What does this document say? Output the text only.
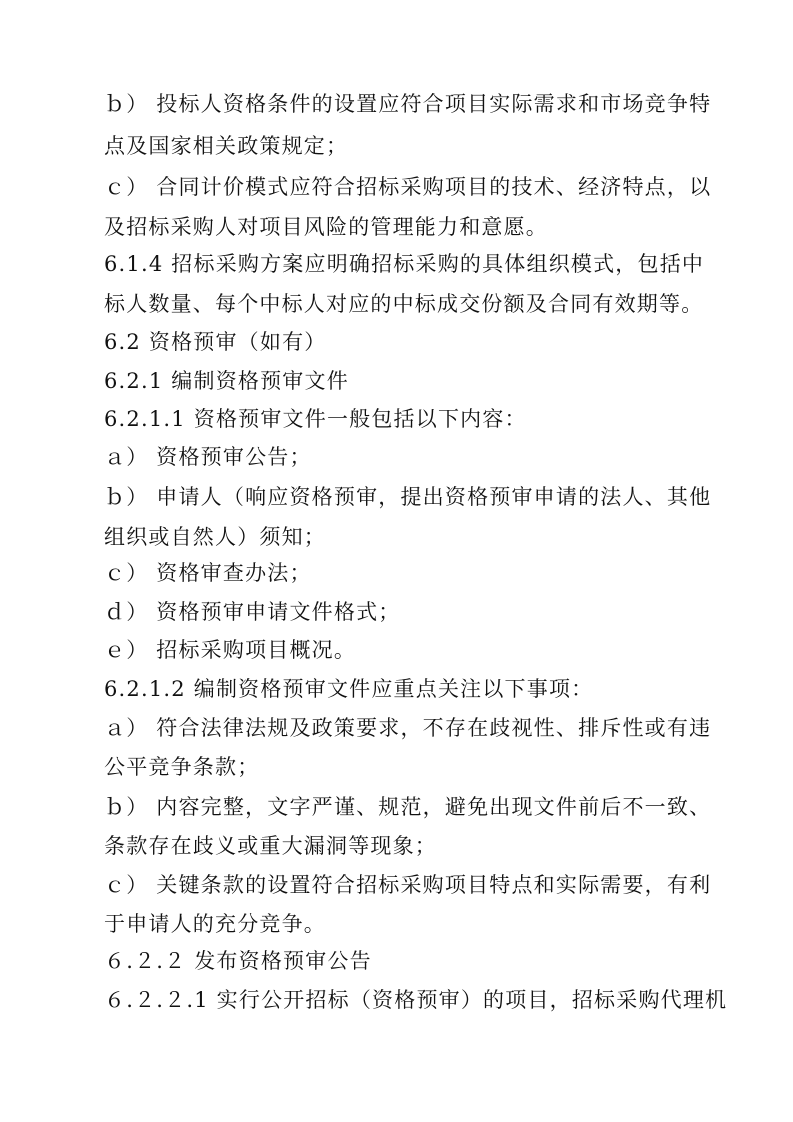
ｂ） 投标人资格条件的设置应符合项目实际需求和市场竞争特
点及国家相关政策规定；
ｃ） 合同计价模式应符合招标采购项目的技术、经济特点，以
及招标采购人对项目风险的管理能力和意愿。
6.1.4 招标采购方案应明确招标采购的具体组织模式，包括中
标人数量、每个中标人对应的中标成交份额及合同有效期等。
6.2 资格预审（如有）
6.2.1 编制资格预审文件
6.2.1.1 资格预审文件一般包括以下内容：
ａ） 资格预审公告；
ｂ） 申请人（响应资格预审，提出资格预审申请的法人、其他
组织或自然人）须知；
ｃ） 资格审查办法；
ｄ） 资格预审申请文件格式；
ｅ） 招标采购项目概况。
6.2.1.2 编制资格预审文件应重点关注以下事项：
ａ） 符合法律法规及政策要求，不存在歧视性、排斥性或有违
公平竞争条款；
ｂ） 内容完整，文字严谨、规范，避免出现文件前后不一致、
条款存在歧义或重大漏洞等现象；
ｃ） 关键条款的设置符合招标采购项目特点和实际需要，有利
于申请人的充分竞争。
６.２.２ 发布资格预审公告
６.２.２.1 实行公开招标（资格预审）的项目，招标采购代理机
